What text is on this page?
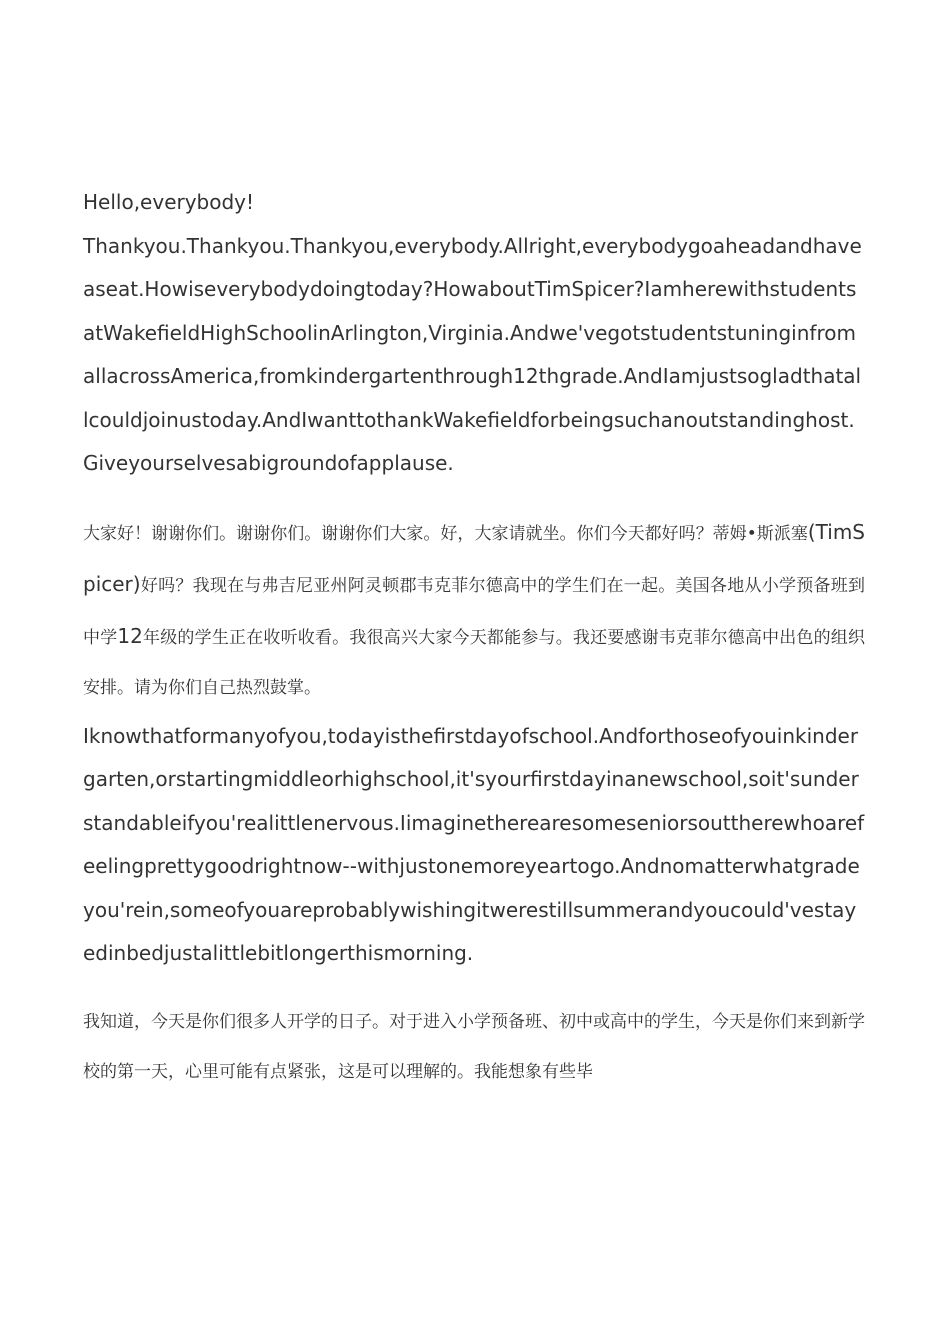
Hello,everybody!

Thankyou.Thankyou.Thankyou,everybody.Allright,everybodygoaheadandhaveaseat.Howiseverybodydoingtoday?HowaboutTimSpicer?IamherewithstudentsatWakefieldHighSchoolinArlington,Virginia.Andwe'vegotstudentstuninginfromallacrossAmerica,fromkindergartenthrough12thgrade.AndIamjustsogladthatallcouldjoinustoday.AndIwanttothankWakefieldforbeingsuchanoutstandinghost.Giveyourselvesabigroundofapplause.

大家好！谢谢你们。谢谢你们。谢谢你们大家。好，大家请就坐。你们今天都好吗？蒂姆•斯派塞(TimSpicer)好吗？我现在与弗吉尼亚州阿灵顿郡韦克菲尔德高中的学生们在一起。美国各地从小学预备班到中学12年级的学生正在收听收看。我很高兴大家今天都能参与。我还要感谢韦克菲尔德高中出色的组织安排。请为你们自己热烈鼓掌。

Iknowthatformanyofyou,todayisthefirstdayofschool.Andforthoseofyouinkindergarten,orstartingmiddleorhighschool,it'syourfirstdayinanewschool,soit'sunderstandableifyou'realittlenervous.Iimaginetherearesomeseniorsouttherewhoarefeelingprettygoodrightnow--withjustonemoreyeartogo.Andnomatterwhatgradeyou'rein,someofyouareprobablywishingitwerestillsummerandyoucould'vestayedinbedjustalittlebitlongerthismorning.

我知道，今天是你们很多人开学的日子。对于进入小学预备班、初中或高中的学生，今天是你们来到新学校的第一天，心里可能有点紧张，这是可以理解的。我能想象有些毕
